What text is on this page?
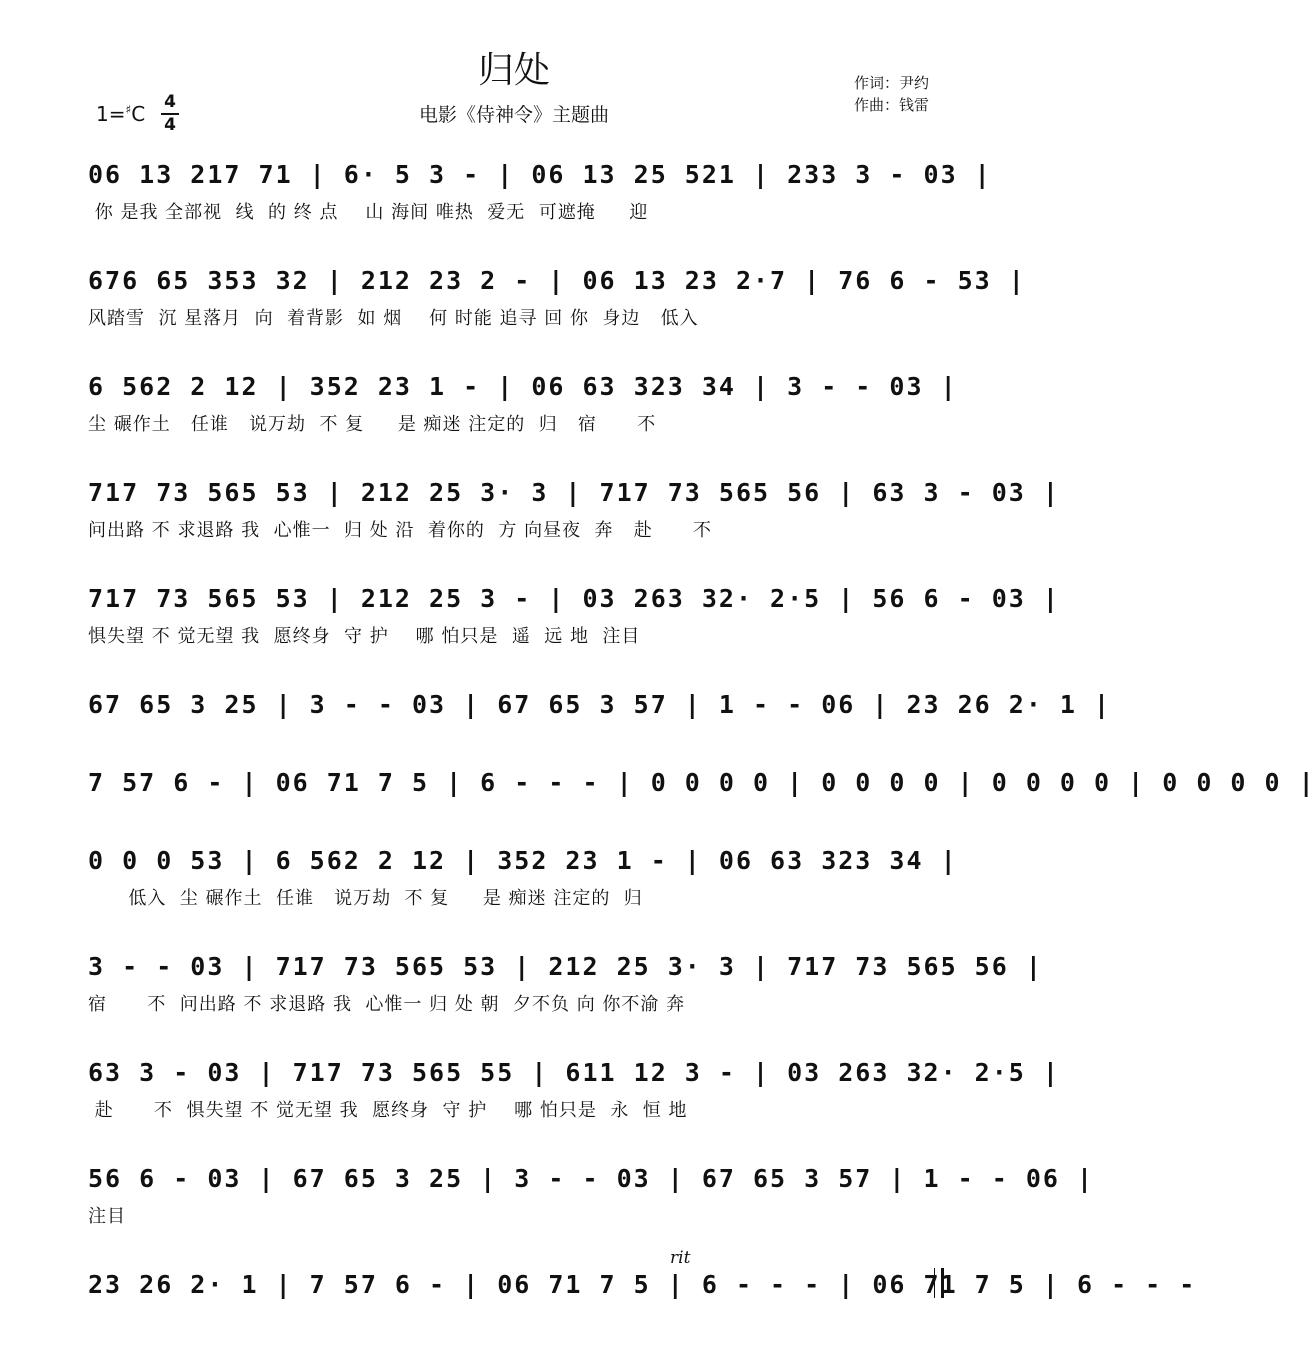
归处
电影《侍神令》主题曲
作词：尹约
作曲：钱雷
1=♯C 4
4
06 13 217 71 | 6· 5 3 - | 06 13 25 521 | 233 3 - 03 |
你 是我 全部视  线  的 终 点    山 海间 唯热  爱无  可遮掩     迎
676 65 353 32 | 212 23 2 - | 06 13 23 2·7 | 76 6 - 53 |
风踏雪  沉 星落月  向  着背影  如 烟    何 时能 追寻 回 你  身边   低入
6 562 2 12 | 352 23 1 - | 06 63 323 34 | 3 - - 03 |
尘 碾作土   任谁   说万劫  不 复     是 痴迷 注定的  归   宿      不
717 73 565 53 | 212 25 3· 3 | 717 73 565 56 | 63 3 - 03 |
问出路 不 求退路 我  心惟一  归 处 沿  着你的  方 向昼夜  奔   赴      不
717 73 565 53 | 212 25 3 - | 03 263 32· 2·5 | 56 6 - 03 |
惧失望 不 觉无望 我  愿终身  守 护    哪 怕只是  遥  远 地  注目
67 65 3 25 | 3 - - 03 | 67 65 3 57 | 1 - - 06 | 23 26 2· 1 |
7 57 6 - | 06 71 7 5 | 6 - - - | 0 0 0 0 | 0 0 0 0 | 0 0 0 0 | 0 0 0 0 |
0 0 0 53 | 6 562 2 12 | 352 23 1 - | 06 63 323 34 |
低入  尘 碾作土  任谁   说万劫  不 复     是 痴迷 注定的  归
3 - - 03 | 717 73 565 53 | 212 25 3· 3 | 717 73 565 56 |
宿      不  问出路 不 求退路 我  心惟一 归 处 朝  夕不负 向 你不渝 奔
63 3 - 03 | 717 73 565 55 | 611 12 3 - | 03 263 32· 2·5 |
赴      不  惧失望 不 觉无望 我  愿终身  守 护    哪 怕只是  永  恒 地
56 6 - 03 | 67 65 3 25 | 3 - - 03 | 67 65 3 57 | 1 - - 06 |
注目
23 26 2· 1 | 7 57 6 - | 06 71 7 5 | 6 - - - | 06 71 7 5 | 6 - - -
rit
